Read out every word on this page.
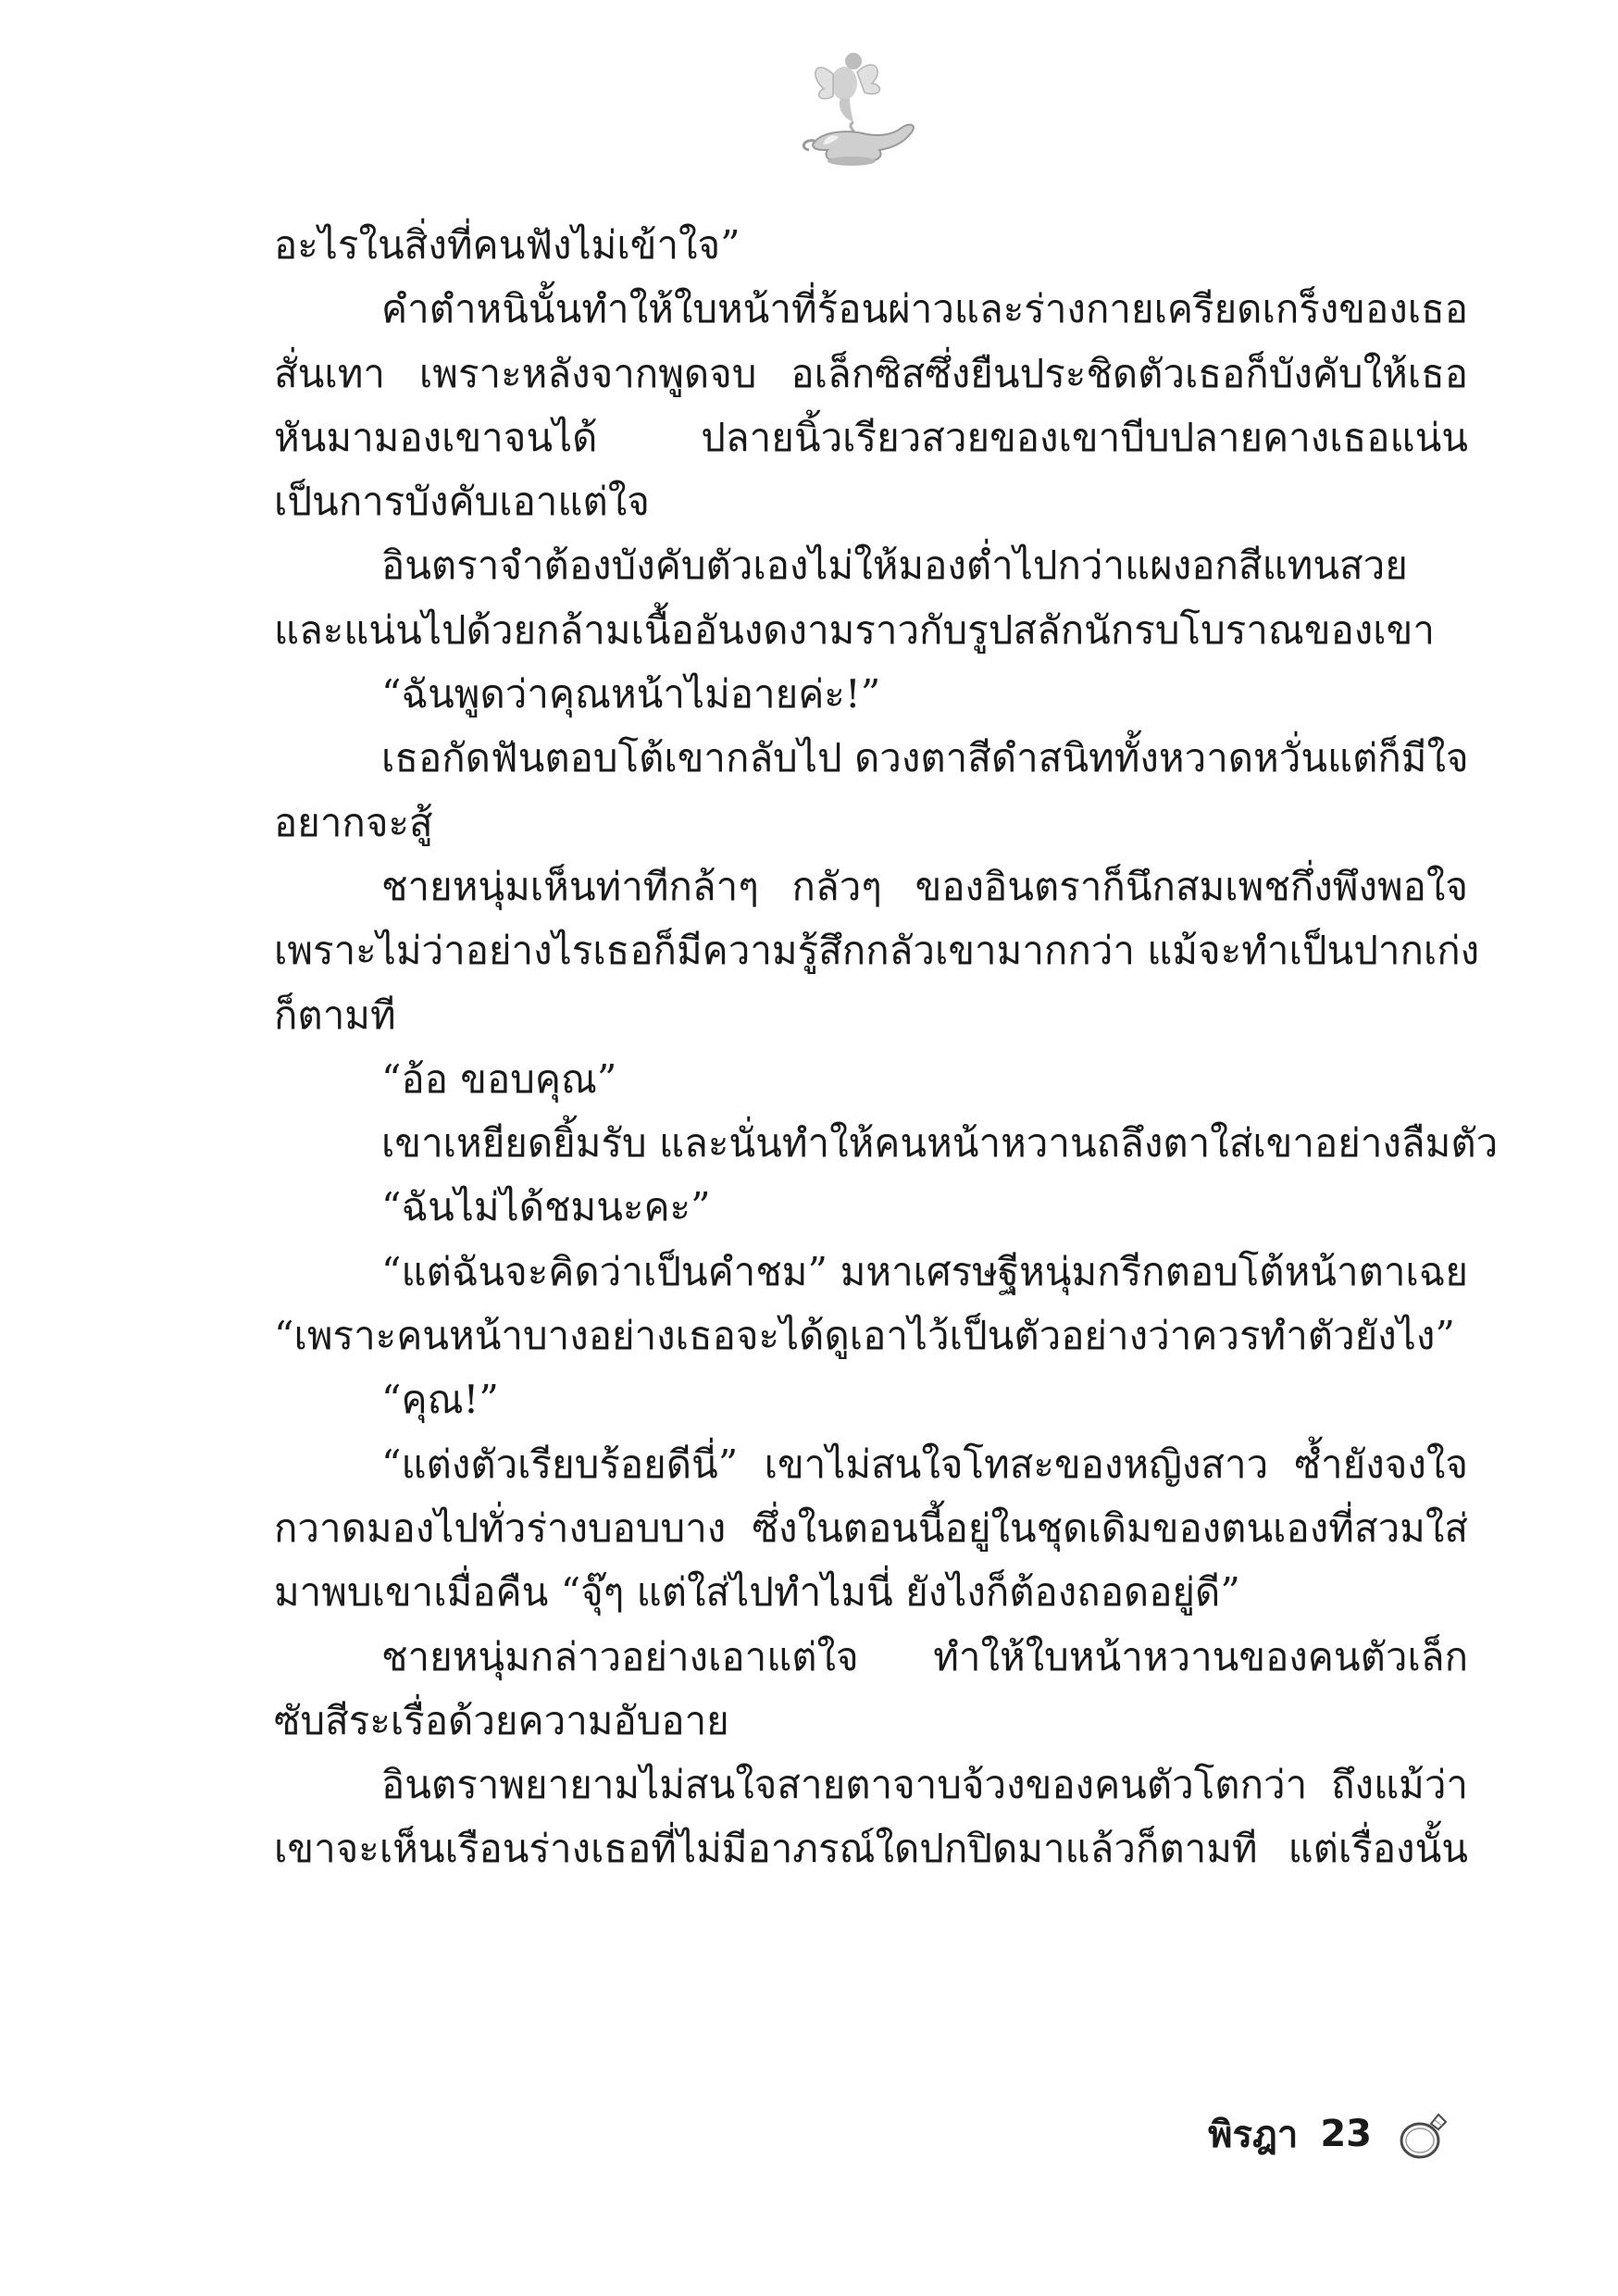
อะไรในสิ่งที่คนฟังไม่เข้าใจ”
คำตำหนินั้นทำให้ใบหน้าที่ร้อนผ่าวและร่างกายเครียดเกร็งของเธอ
สั่นเทา เพราะหลังจากพูดจบ อเล็กซิสซึ่งยืนประชิดตัวเธอก็บังคับให้เธอ
หันมามองเขาจนได้ ปลายนิ้วเรียวสวยของเขาบีบปลายคางเธอแน่น
เป็นการบังคับเอาแต่ใจ
อินตราจำต้องบังคับตัวเองไม่ให้มองต่ำไปกว่าแผงอกสีแทนสวย
และแน่นไปด้วยกล้ามเนื้ออันงดงามราวกับรูปสลักนักรบโบราณของเขา
“ฉันพูดว่าคุณหน้าไม่อายค่ะ!”
เธอกัดฟันตอบโต้เขากลับไป ดวงตาสีดำสนิททั้งหวาดหวั่นแต่ก็มีใจ
อยากจะสู้
ชายหนุ่มเห็นท่าทีกล้าๆ กลัวๆ ของอินตราก็นึกสมเพชกึ่งพึงพอใจ
เพราะไม่ว่าอย่างไรเธอก็มีความรู้สึกกลัวเขามากกว่า แม้จะทำเป็นปากเก่ง
ก็ตามที
“อ้อ ขอบคุณ”
เขาเหยียดยิ้มรับ และนั่นทำให้คนหน้าหวานถลึงตาใส่เขาอย่างลืมตัว
“ฉันไม่ได้ชมนะคะ”
“แต่ฉันจะคิดว่าเป็นคำชม” มหาเศรษฐีหนุ่มกรีกตอบโต้หน้าตาเฉย
“เพราะคนหน้าบางอย่างเธอจะได้ดูเอาไว้เป็นตัวอย่างว่าควรทำตัวยังไง”
“คุณ!”
“แต่งตัวเรียบร้อยดีนี่” เขาไม่สนใจโทสะของหญิงสาว ซ้ำยังจงใจ
กวาดมองไปทั่วร่างบอบบาง ซึ่งในตอนนี้อยู่ในชุดเดิมของตนเองที่สวมใส่
มาพบเขาเมื่อคืน “จุ๊ๆ แต่ใส่ไปทำไมนี่ ยังไงก็ต้องถอดอยู่ดี”
ชายหนุ่มกล่าวอย่างเอาแต่ใจ ทำให้ใบหน้าหวานของคนตัวเล็ก
ซับสีระเรื่อด้วยความอับอาย
อินตราพยายามไม่สนใจสายตาจาบจ้วงของคนตัวโตกว่า ถึงแม้ว่า
เขาจะเห็นเรือนร่างเธอที่ไม่มีอาภรณ์ใดปกปิดมาแล้วก็ตามที แต่เรื่องนั้น
พิรฎา 23
